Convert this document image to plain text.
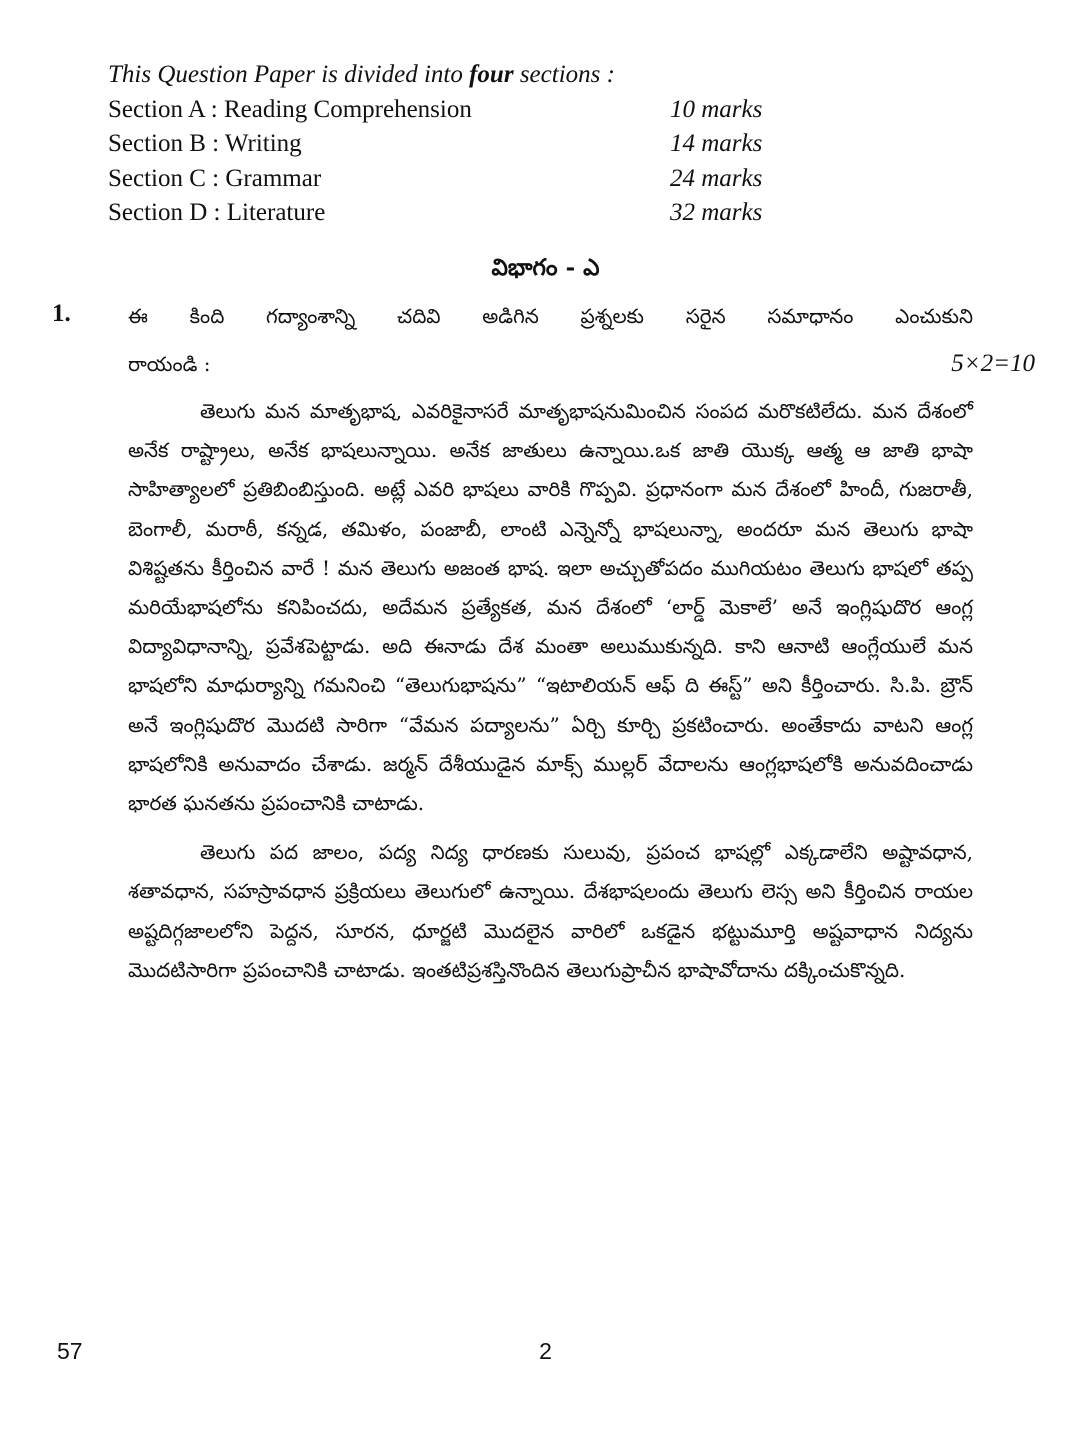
This Question Paper is divided into four sections :
Section A : Reading Comprehension	10 marks
Section B : Writing	14 marks
Section C : Grammar	24 marks
Section D : Literature	32 marks
విభాగం - ఎ
1.	ఈ కింది గద్యాంశాన్ని చదివి అడిగిన ప్రశ్నలకు సరైన సమాధానం ఎంచుకుని
రాయండి :	5×2=10

తెలుగు మన మాతృభాష, ఎవరికైనాసరే మాతృభాషనుమించిన సంపద మరొకటిలేదు. మన దేశంలో అనేక రాష్ట్రాలు, అనేక భాషలున్నాయి. అనేక జాతులు ఉన్నాయి.ఒక జాతి యొక్క ఆత్మ ఆ జాతి భాషా సాహిత్యాలలో ప్రతిబింబిస్తుంది. అట్లే ఎవరి భాషలు వారికి గొప్పవి. ప్రధానంగా మన దేశంలో హిందీ, గుజరాతీ, బెంగాలీ, మరాఠీ, కన్నడ, తమిళం, పంజాబీ, లాంటి ఎన్నెన్నో భాషలున్నా, అందరూ మన తెలుగు భాషా విశిష్టతను కీర్తించిన వారే ! మన తెలుగు అజంత భాష. ఇలా అచ్చుతోపదం ముగియటం తెలుగు భాషలో తప్ప మరియేభాషలోను కనిపించదు, అదేమన ప్రత్యేకత, మన దేశంలో ‘లార్డ్ మెకాలే’ అనే ఇంగ్లిషుదొర ఆంగ్ల విద్యావిధానాన్ని, ప్రవేశపెట్టాడు. అది ఈనాడు దేశ మంతా అలుముకున్నది. కాని ఆనాటి ఆంగ్లేయులే మన భాషలోని మాధుర్యాన్ని గమనించి “తెలుగుభాషను” “ఇటాలియన్ ఆఫ్ ది ఈస్ట్” అని కీర్తించారు. సి.పి. బ్రౌన్ అనే ఇంగ్లిషుదొర మొదటి సారిగా “వేమన పద్యాలను” ఏర్చి కూర్చి ప్రకటించారు. అంతేకాదు వాటని ఆంగ్ల భాషలోనికి అనువాదం చేశాడు. జర్మన్ దేశీయుడైన మాక్స్ ముల్లర్ వేదాలను ఆంగ్లభాషలోకి అనువదించాడు భారత ఘనతను ప్రపంచానికి చాటాడు.

తెలుగు పద జాలం, పద్య నిద్య ధారణకు సులువు, ప్రపంచ భాషల్లో ఎక్కడాలేని అష్టావధాన, శతావధాన, సహస్రావధాన ప్రక్రియలు తెలుగులో ఉన్నాయి. దేశభాషలందు తెలుగు లెస్స అని కీర్తించిన రాయల అష్టదిగ్గజాలలోని పెద్దన, సూరన, ధూర్జటి మొదలైన వారిలో ఒకడైన భట్టుమూర్తి అష్టవాధాన నిద్యను మొదటిసారిగా ప్రపంచానికి చాటాడు. ఇంతటిప్రశస్తినొందిన తెలుగుప్రాచీన భాషావోదాను దక్కించుకొన్నది.

57	2
